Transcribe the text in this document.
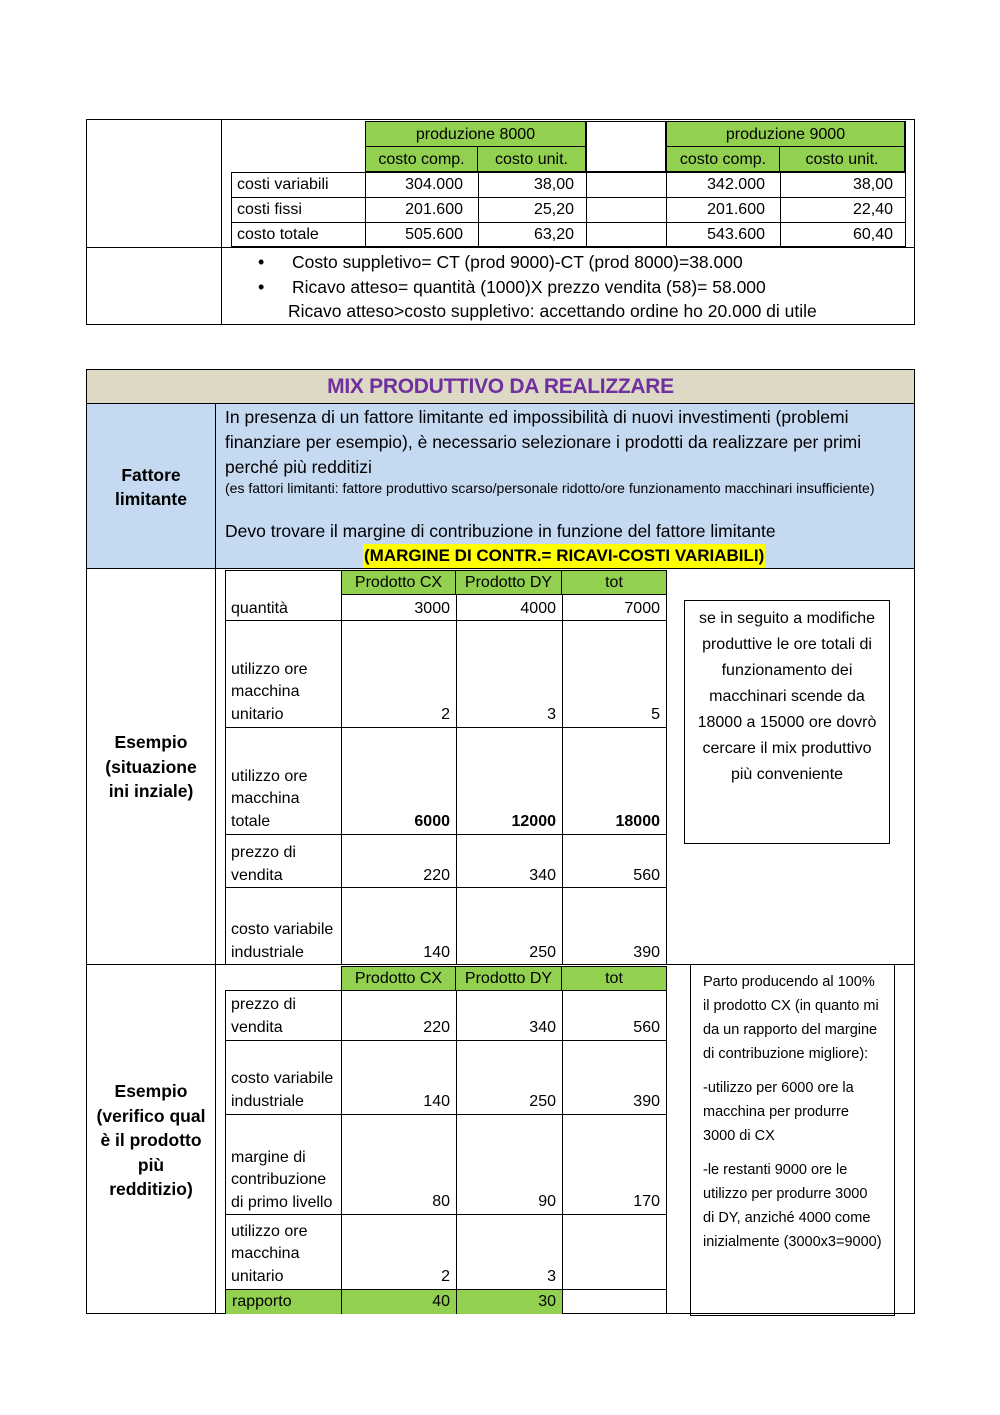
produzione 8000	produzione 9000
costo comp.	costo unit.	costo comp.	costo unit.
costi variabili	304.000	38,00	342.000	38,00
costi fissi	201.600	25,20	201.600	22,40
costo totale	505.600	63,20	543.600	60,40
•	Costo suppletivo= CT (prod 9000)-CT (prod 8000)=38.000
•	Ricavo atteso= quantità (1000)X prezzo vendita (58)= 58.000
Ricavo atteso>costo suppletivo: accettando ordine ho 20.000 di utile
MIX PRODUTTIVO DA REALIZZARE
Fattore
limitante
In presenza di un fattore limitante ed impossibilità di nuovi investimenti (problemi finanziare per esempio), è necessario selezionare i prodotti da realizzare per primi perché più redditizi
(es fattori limitanti: fattore produttivo scarso/personale ridotto/ore funzionamento macchinari insufficiente)
Devo trovare il margine di contribuzione in funzione del fattore limitante
(MARGINE DI CONTR.= RICAVI-COSTI VARIABILI)
Esempio
(situazione
ini inziale)
Prodotto CX	Prodotto DY	tot
quantità	3000	4000	7000
utilizzo ore macchina unitario	2	3	5
utilizzo ore macchina totale	6000	12000	18000
prezzo di vendita	220	340	560
costo variabile industriale	140	250	390
se in seguito a modifiche produttive le ore totali di funzionamento dei macchinari scende da 18000 a 15000 ore dovrò cercare il mix produttivo più conveniente
Esempio
(verifico qual
è il prodotto
più
redditizio)
Prodotto CX	Prodotto DY	tot
prezzo di vendita	220	340	560
costo variabile industriale	140	250	390
margine di contribuzione di primo livello	80	90	170
utilizzo ore macchina unitario	2	3
rapporto	40	30
Parto producendo al 100% il prodotto CX (in quanto mi da un rapporto del margine di contribuzione migliore):
-utilizzo per 6000 ore la macchina per produrre 3000 di CX
-le restanti 9000 ore le utilizzo per produrre 3000 di DY, anziché 4000 come inizialmente (3000x3=9000)
